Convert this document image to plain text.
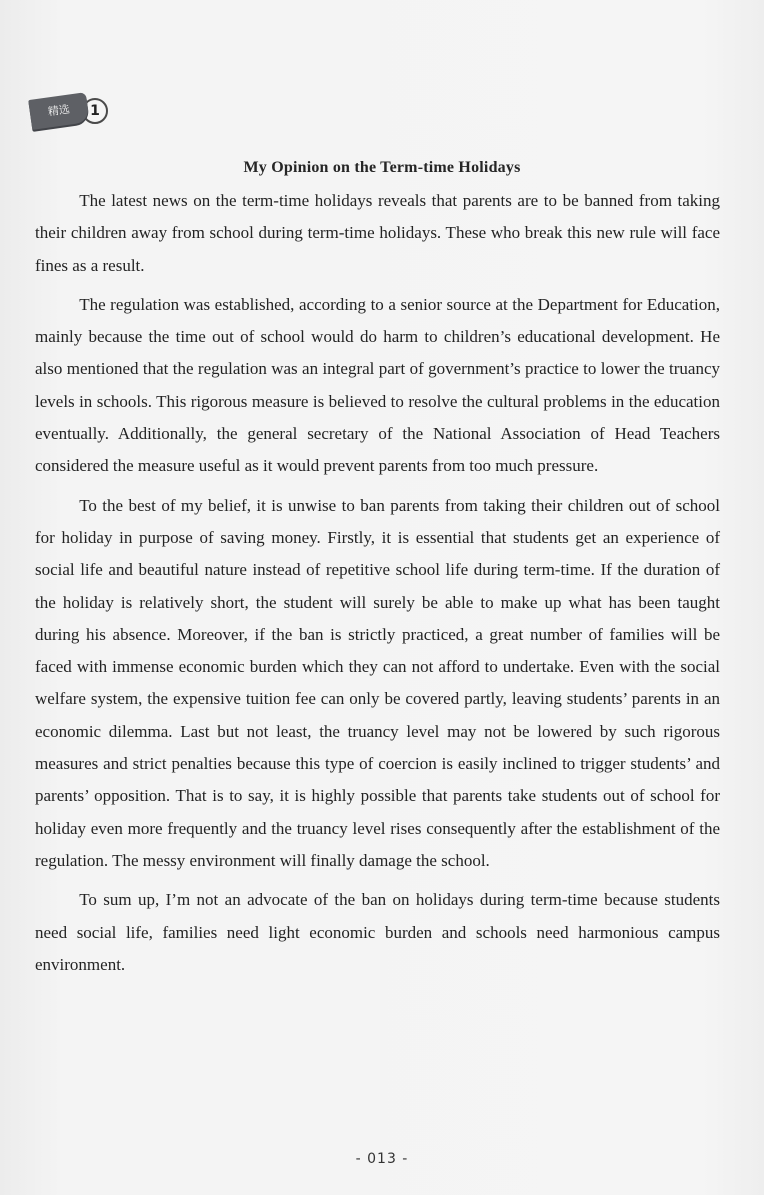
精选	1
My Opinion on the Term-time Holidays

The latest news on the term-time holidays reveals that parents are to be banned from taking their children away from school during term-time holidays. These who break this new rule will face fines as a result.

The regulation was established, according to a senior source at the Department for Education, mainly because the time out of school would do harm to children’s educational development. He also mentioned that the regulation was an integral part of government’s practice to lower the truancy levels in schools. This rigorous measure is believed to resolve the cultural problems in the education eventually. Additionally, the general secretary of the National Association of Head Teachers considered the measure useful as it would prevent parents from too much pressure.

To the best of my belief, it is unwise to ban parents from taking their children out of school for holiday in purpose of saving money. Firstly, it is essential that students get an experience of social life and beautiful nature instead of repetitive school life during term-time. If the duration of the holiday is relatively short, the student will surely be able to make up what has been taught during his absence. Moreover, if the ban is strictly practiced, a great number of families will be faced with immense economic burden which they can not afford to undertake. Even with the social welfare system, the expensive tuition fee can only be covered partly, leaving students’ parents in an economic dilemma. Last but not least, the truancy level may not be lowered by such rigorous measures and strict penalties because this type of coercion is easily inclined to trigger students’ and parents’ opposition. That is to say, it is highly possible that parents take students out of school for holiday even more frequently and the truancy level rises consequently after the establishment of the regulation. The messy environment will finally damage the school.

To sum up, I’m not an advocate of the ban on holidays during term-time because students need social life, families need light economic burden and schools need harmonious campus environment.

- 013 -
